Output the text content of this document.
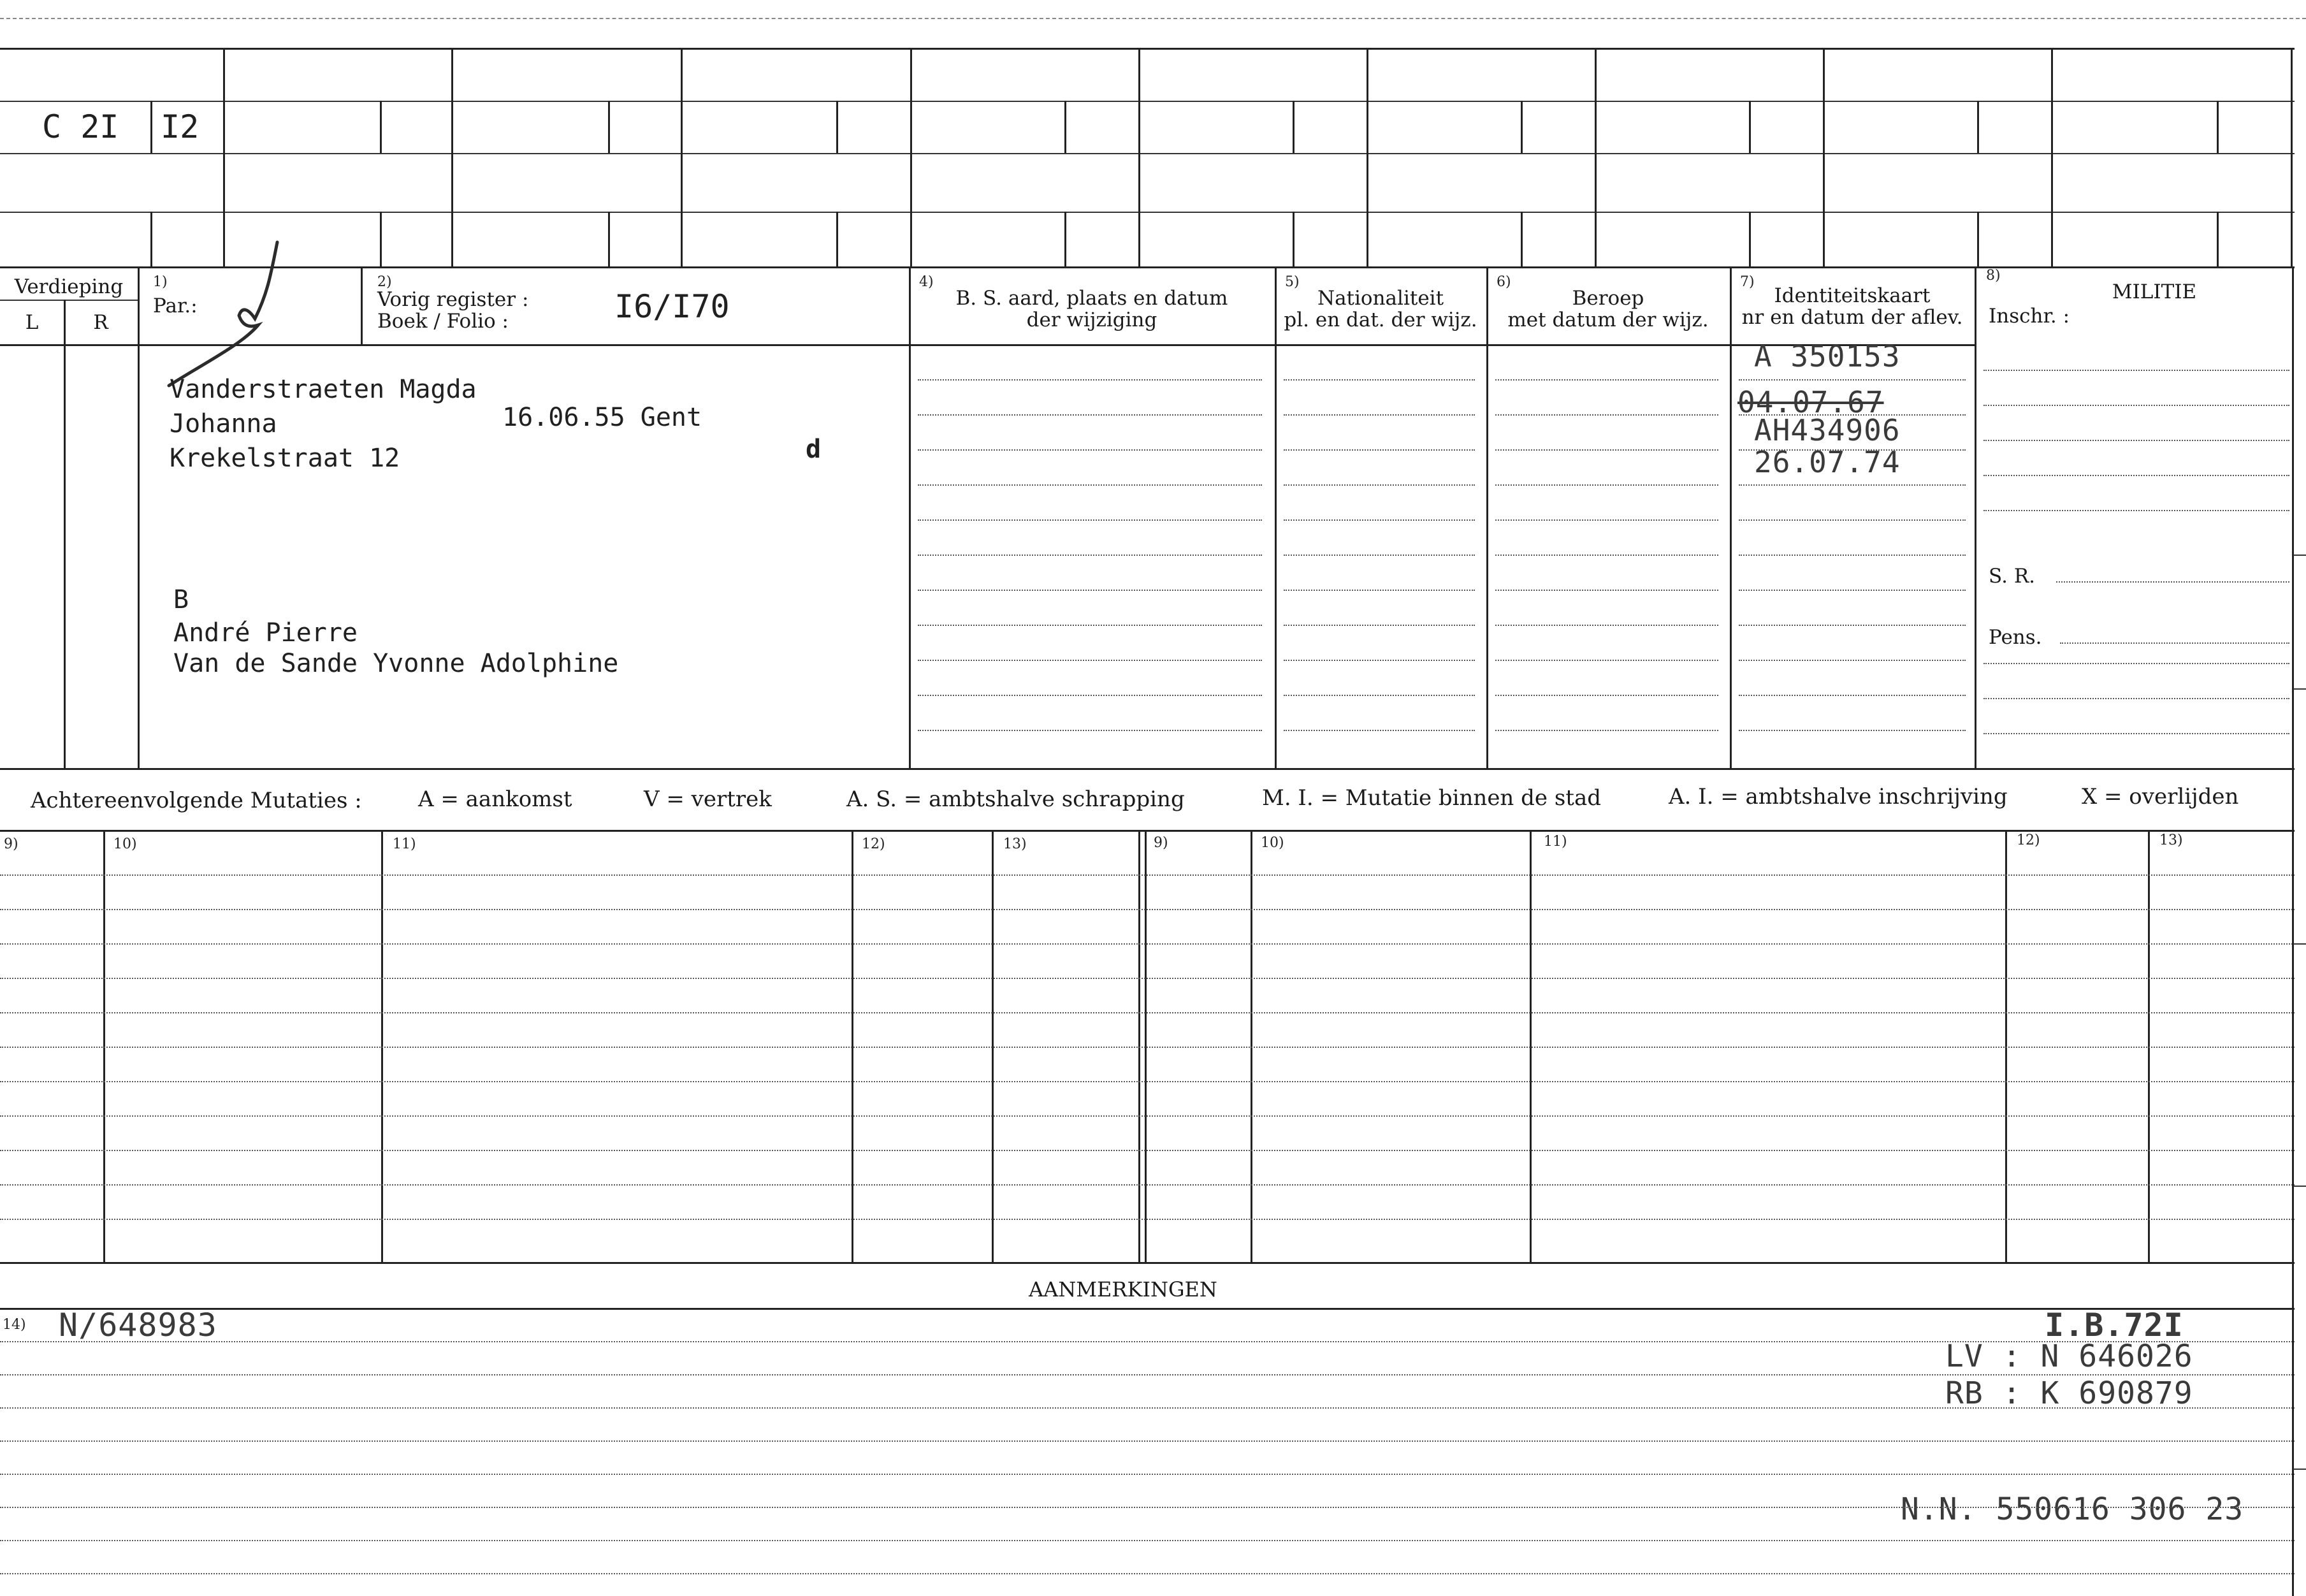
C 2I I2
Verdieping
L	R
1)
Par.:
2)
Vorig register :
Boek / Folio :	I6/I70
4)
B. S. aard, plaats en datum
der wijziging
5)
Nationaliteit
pl. en dat. der wijz.
6)
Beroep
met datum der wijz.
7)
Identiteitskaart
nr en datum der aflev.
8)
MILITIE
Inschr. :
S. R.
Pens.
Vanderstraeten Magda
Johanna	16.06.55 Gent
Krekelstraat 12	d
B
André Pierre
Van de Sande Yvonne Adolphine
A 350153
04.07.67
AH434906
26.07.74
Achtereenvolgende Mutaties :	A = aankomst	V = vertrek	A. S. = ambtshalve schrapping	M. I. = Mutatie binnen de stad	A. I. = ambtshalve inschrijving	X = overlijden
9)	10)	11)	12)	13)	9)	10)	11)	12)	13)
AANMERKINGEN
14) N/648983	I.B.72I
LV : N 646026
RB : K 690879
N.N. 550616 306 23
